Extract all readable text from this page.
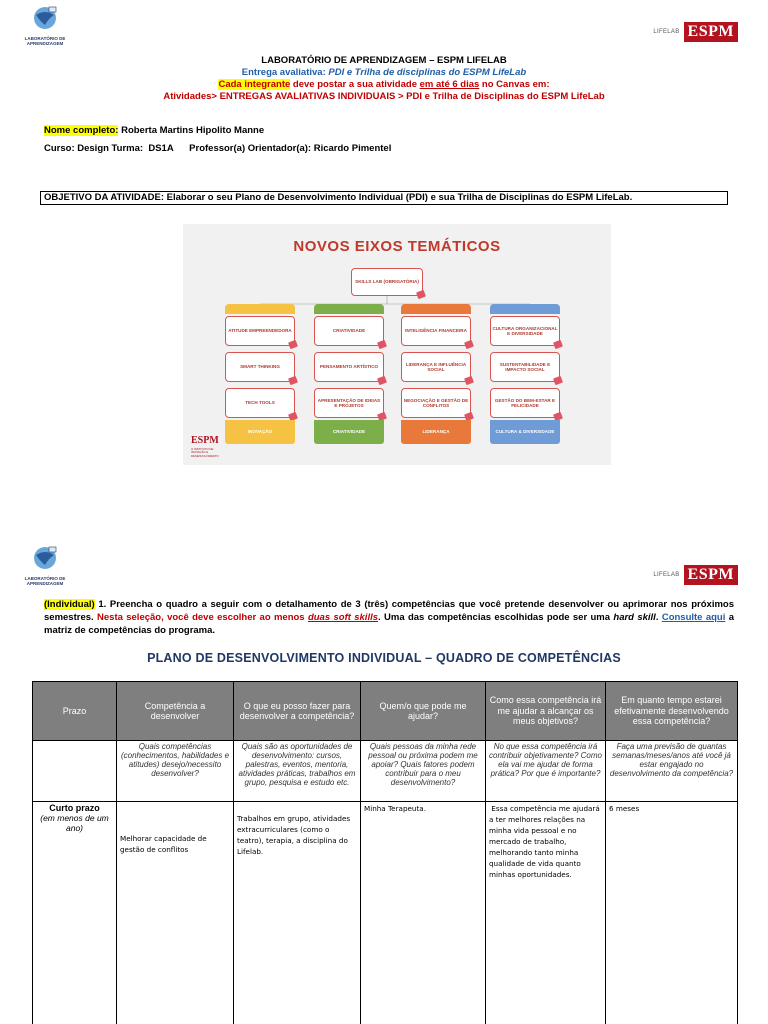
LABORATÓRIO DE APRENDIZAGEM
LIFELAB ESPM
LABORATÓRIO DE APRENDIZAGEM – ESPM LIFELAB
Entrega avaliativa: PDI e Trilha de disciplinas do ESPM LifeLab
Cada integrante deve postar a sua atividade em até 6 dias no Canvas em:
Atividades> ENTREGAS AVALIATIVAS INDIVIDUAIS > PDI e Trilha de Disciplinas do ESPM LifeLab
Nome completo: Roberta Martins Hipolito Manne
Curso: Design Turma:  DS1A      Professor(a) Orientador(a): Ricardo Pimentel
OBJETIVO DA ATIVIDADE: Elaborar o seu Plano de Desenvolvimento Individual (PDI) e sua Trilha de Disciplinas do ESPM LifeLab.
NOVOS EIXOS TEMÁTICOS
SKILLS LAB (OBRIGATÓRIA)
ATITUDE EMPREENDEDORA
SMART THINKING
TECH TOOLS
INOVAÇÃO
CRIATIVIDADE
PENSAMENTO ARTÍSTICO
APRESENTAÇÃO DE IDEIAS E PROJETOS
CRIATIVIDADE
INTELIGÊNCIA FINANCEIRA
LIDERANÇA E INFLUÊNCIA SOCIAL
NEGOCIAÇÃO E GESTÃO DE CONFLITOS
LIDERANÇA
CULTURA ORGANIZACIONAL E DIVERSIDADE
SUSTENTABILIDADE E IMPACTO SOCIAL
GESTÃO DO BEM-ESTAR E FELICIDADE
CULTURA & DIVERSIDADE
ESPM
O INSTITUTO DE INOVAÇÃO E DESENVOLVIMENTO
LABORATÓRIO DE APRENDIZAGEM
LIFELAB ESPM
(Individual) 1. Preencha o quadro a seguir com o detalhamento de 3 (três) competências que você pretende desenvolver ou aprimorar nos próximos semestres. Nesta seleção, você deve escolher ao menos duas soft skills. Uma das competências escolhidas pode ser uma hard skill. Consulte aqui a matriz de competências do programa.
PLANO DE DESENVOLVIMENTO INDIVIDUAL – QUADRO DE COMPETÊNCIAS
Prazo	Competência a desenvolver	O que eu posso fazer para desenvolver a competência?	Quem/o que pode me ajudar?	Como essa competência irá me ajudar a alcançar os meus objetivos?	Em quanto tempo estarei efetivamente desenvolvendo essa competência?
	Quais competências (conhecimentos, habilidades e atitudes) desejo/necessito desenvolver?	Quais são as oportunidades de desenvolvimento: cursos, palestras, eventos, mentoria, atividades práticas, trabalhos em grupo, pesquisa e estudo etc.	Quais pessoas da minha rede pessoal ou próxima podem me apoiar? Quais fatores podem contribuir para o meu desenvolvimento?	No que essa competência irá contribuir objetivamente? Como ela vai me ajudar de forma prática? Por que é importante?	Faça uma previsão de quantas semanas/meses/anos até você já estar engajado no desenvolvimento da competência?

Curto prazo
(em menos de um ano)	Melhorar capacidade de gestão de conflitos	Trabalhos em grupo, atividades extracurriculares (como o teatro), terapia, a disciplina do Lifelab.	Minha Terapeuta.	Essa competência me ajudará a ter melhores relações na minha vida pessoal e no mercado de trabalho, melhorando tanto minha qualidade de vida quanto minhas oportunidades.	6 meses
